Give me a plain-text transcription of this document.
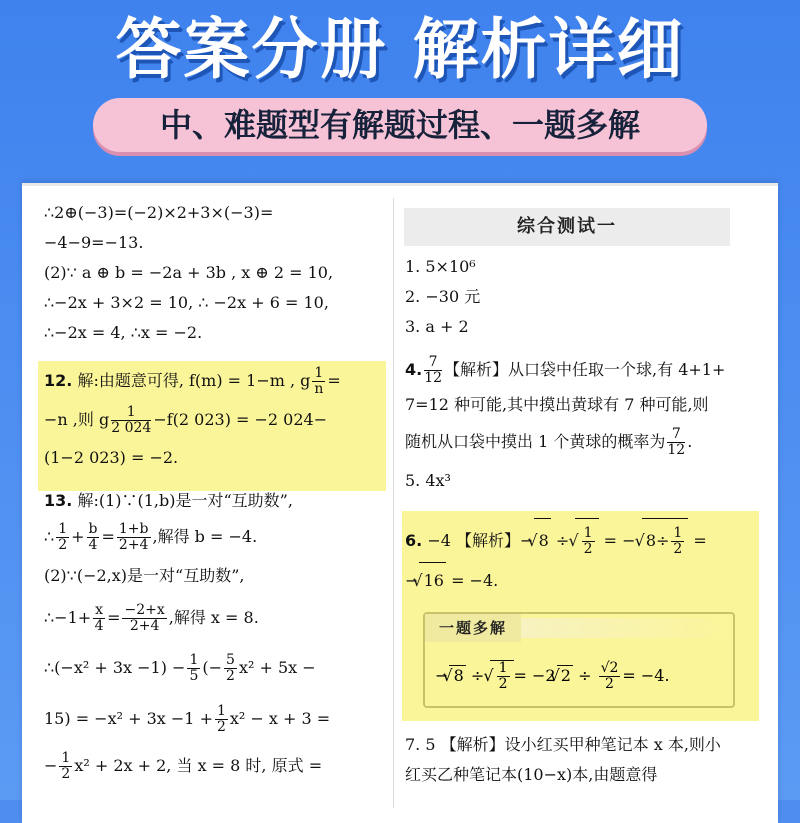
答案分册 解析详细
中、难题型有解题过程、一题多解
∴2⊕(−3)=(−2)×2+3×(−3)=
−4−9=−13.
(2)∵ a ⊕ b = −2a + 3b , x ⊕ 2 = 10,
∴−2x + 3×2 = 10, ∴ −2x + 6 = 10,
∴−2x = 4, ∴x = −2.
12. 解:由题意可得, f(m) = 1−m , g $\frac{1}{n}$ =
−n ,则 g $\frac{1}{2 024} -f(2$ 023) = −2 024−
(1−2 023) = −2.
13. 解:(1)∵(1,b)是一对“互助数”,
∴ $\frac{1}{2} + \frac{b}{4} = \frac{1+b}{2+4}$ ,解得 b = −4.
(2)∵(−2,x)是一对“互助数”,
∴−1+ $\frac{x}{4} = \frac{-2+x}{2+4}$ ,解得 x = 8.
∴(−x² + $3x -1) - \frac{1}{5}$ (− $\frac{5}{2} x^2 + 5x$ −
$15) = -x^2 + 3x -1 + \frac{1}{2} x^2 - x + 3$ =
− $\frac{1}{2} x^2 + 2x + 2$, 当 x = 8 时, 原式 =
综合测试一
1. 5×10⁶
2. −30 元
3. a + 2
4. $\frac{7}{12}$ 【解析】从口袋中任取一个球,有 4+1+
7=12 种可能,其中摸出黄球有 7 种可能,则
随机从口袋中摸出 1 个黄球的概率为 $\frac{7}{12}$ .
5. 4x³
6. −4 【解析】−√ 8 ÷
√ $\frac{1}{2}$ = − √ $8\div \frac{1}{2}$ =
−√ 16 = −4.
一题多解
−√ 8 ÷
√ $\frac{1}{2} = -2√$ $2 \div \frac{√2}{2} = -4$.
7. 5 【解析】设小红买甲种笔记本 x 本,则小
红买乙种笔记本(10−x)本,由题意得
